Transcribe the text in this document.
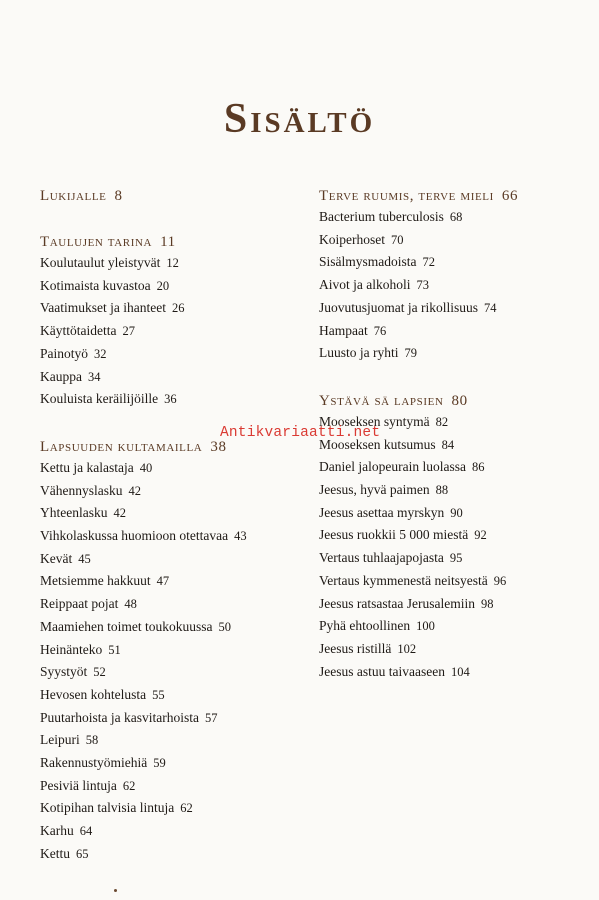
Sisältö
Lukijalle 8
Taulujen tarina 11
Koulutaulut yleistyvät 12
Kotimaista kuvastoa 20
Vaatimukset ja ihanteet 26
Käyttötaidetta 27
Painotyö 32
Kauppa 34
Kouluista keräilijöille 36
Lapsuuden kultamailla 38
Kettu ja kalastaja 40
Vähennyslasku 42
Yhteenlasku 42
Vihkolaskussa huomioon otettavaa 43
Kevät 45
Metsiemme hakkuut 47
Reippaat pojat 48
Maamiehen toimet toukokuussa 50
Heinänteko 51
Syystyöt 52
Hevosen kohtelusta 55
Puutarhoista ja kasvitarhoista 57
Leipuri 58
Rakennustyömiehiä 59
Pesiviä lintuja 62
Kotipihan talvisia lintuja 62
Karhu 64
Kettu 65
Terve ruumis, terve mieli 66
Bacterium tuberculosis 68
Koiperhoset 70
Sisälmysmadoista 72
Aivot ja alkoholi 73
Juovutusjuomat ja rikollisuus 74
Hampaat 76
Luusto ja ryhti 79
Ystävä sä lapsien 80
Mooseksen syntymä 82
Mooseksen kutsumus 84
Daniel jalopeurain luolassa 86
Jeesus, hyvä paimen 88
Jeesus asettaa myrskyn 90
Jeesus ruokkii 5 000 miestä 92
Vertaus tuhlaajapojasta 95
Vertaus kymmenestä neitsyestä 96
Jeesus ratsastaa Jerusalemiin 98
Pyhä ehtoollinen 100
Jeesus ristillä 102
Jeesus astuu taivaaseen 104
Antikvariaatti.net
